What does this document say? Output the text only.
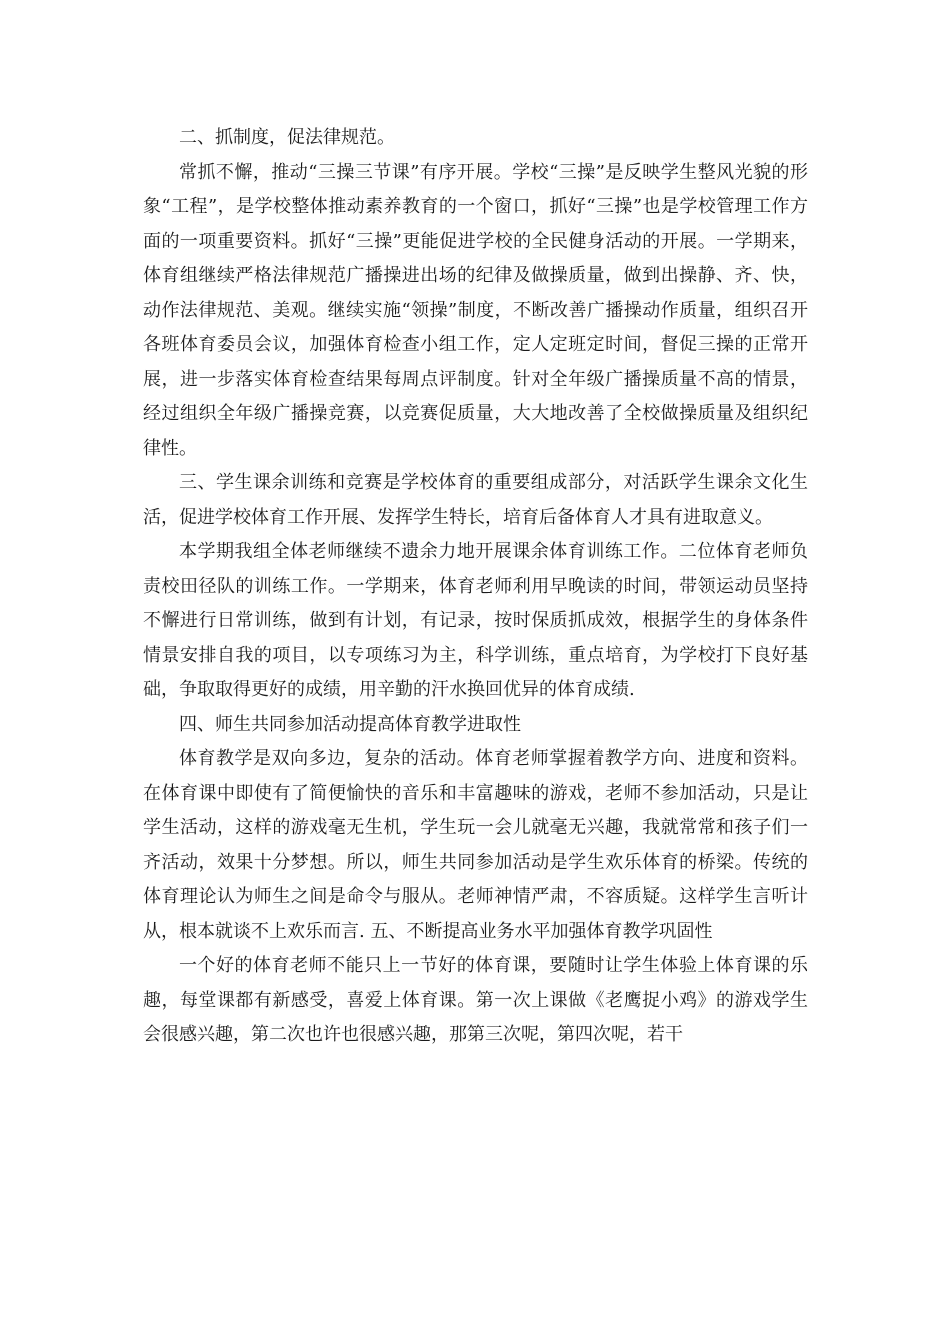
二、抓制度，促法律规范。

常抓不懈，推动“三操三节课”有序开展。学校“三操”是反映学生整风光貌的形象“工程”，是学校整体推动素养教育的一个窗口，抓好“三操”也是学校管理工作方面的一项重要资料。抓好“三操”更能促进学校的全民健身活动的开展。一学期来，体育组继续严格法律规范广播操进出场的纪律及做操质量，做到出操静、齐、快，动作法律规范、美观。继续实施“领操”制度，不断改善广播操动作质量，组织召开各班体育委员会议，加强体育检查小组工作，定人定班定时间，督促三操的正常开展，进一步落实体育检查结果每周点评制度。针对全年级广播操质量不高的情景，经过组织全年级广播操竞赛，以竞赛促质量，大大地改善了全校做操质量及组织纪律性。

三、学生课余训练和竞赛是学校体育的重要组成部分，对活跃学生课余文化生活，促进学校体育工作开展、发挥学生特长，培育后备体育人才具有进取意义。

本学期我组全体老师继续不遗余力地开展课余体育训练工作。二位体育老师负责校田径队的训练工作。一学期来，体育老师利用早晚读的时间，带领运动员坚持不懈进行日常训练，做到有计划，有记录，按时保质抓成效，根据学生的身体条件情景安排自我的项目，以专项练习为主，科学训练，重点培育，为学校打下良好基础，争取取得更好的成绩，用辛勤的汗水换回优异的体育成绩.

四、师生共同参加活动提高体育教学进取性

体育教学是双向多边，复杂的活动。体育老师掌握着教学方向、进度和资料。在体育课中即使有了简便愉快的音乐和丰富趣味的游戏，老师不参加活动，只是让学生活动，这样的游戏毫无生机，学生玩一会儿就毫无兴趣，我就常常和孩子们一齐活动，效果十分梦想。所以，师生共同参加活动是学生欢乐体育的桥梁。传统的体育理论认为师生之间是命令与服从。老师神情严肃，不容质疑。这样学生言听计从，根本就谈不上欢乐而言. 五、不断提高业务水平加强体育教学巩固性

一个好的体育老师不能只上一节好的体育课，要随时让学生体验上体育课的乐趣，每堂课都有新感受，喜爱上体育课。第一次上课做《老鹰捉小鸡》的游戏学生会很感兴趣，第二次也许也很感兴趣，那第三次呢，第四次呢，若干
